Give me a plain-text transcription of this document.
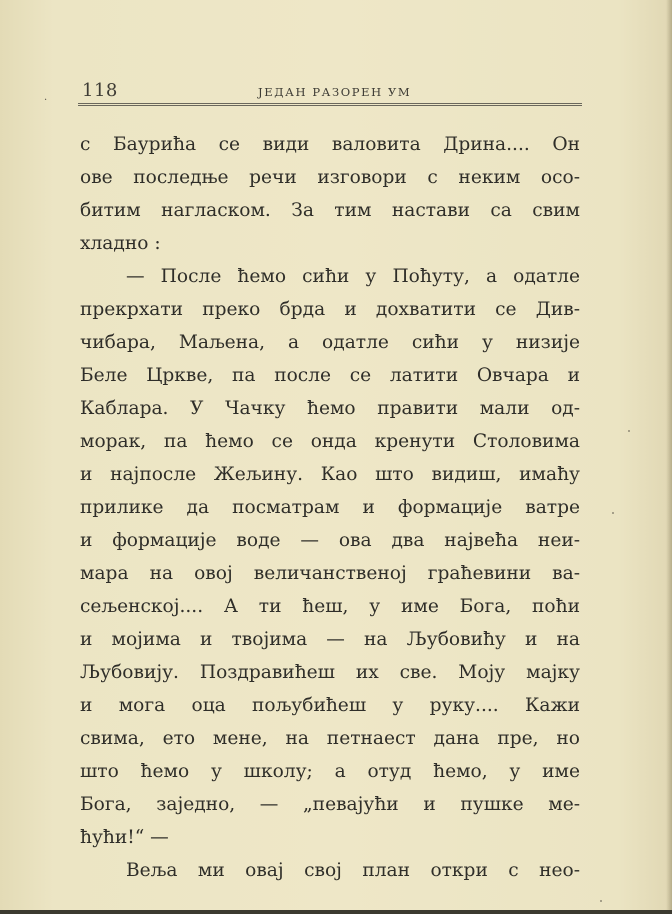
. 118	ЈЕДАН РАЗОРЕН УМ
с Бауриħа се види валовита Дрина.... Он
ове последње речи изговори с неким осо-
битим нагласком. За тим настави са свим
хладно :
— После ħемо сиħи у Поħуту, а одатле
прекрхати преко брда и дохватити се Див-
чибара, Маљена, а одатле сиħи у низије
Беле Цркве, па после се латити Овчара и
Каблара. У Чачку ħемо правити мали од-
морак, па ħемо се онда кренути Столовима
и најпосле Жељину. Као што видиш, имаħу
прилике да посматрам и формације ватре
и формације воде — ова два највеħа неи-
мара на овој величанственој граħевини ва-
сељенској.... А ти ħеш, у име Бога, поħи
и мојима и твојима — на Љубовиħу и на
Љубовију. Поздравиħеш их све. Моју мајку
и мога оца пољубиħеш у руку.... Кажи
свима, ето мене, на петнаест дана пре, но
што ħемо у школу; а отуд ħемо, у име
Бога, заједно, — „певајуħи и пушке ме-
ħуħи!“ —
Веља ми овај свој план откри с нео-
